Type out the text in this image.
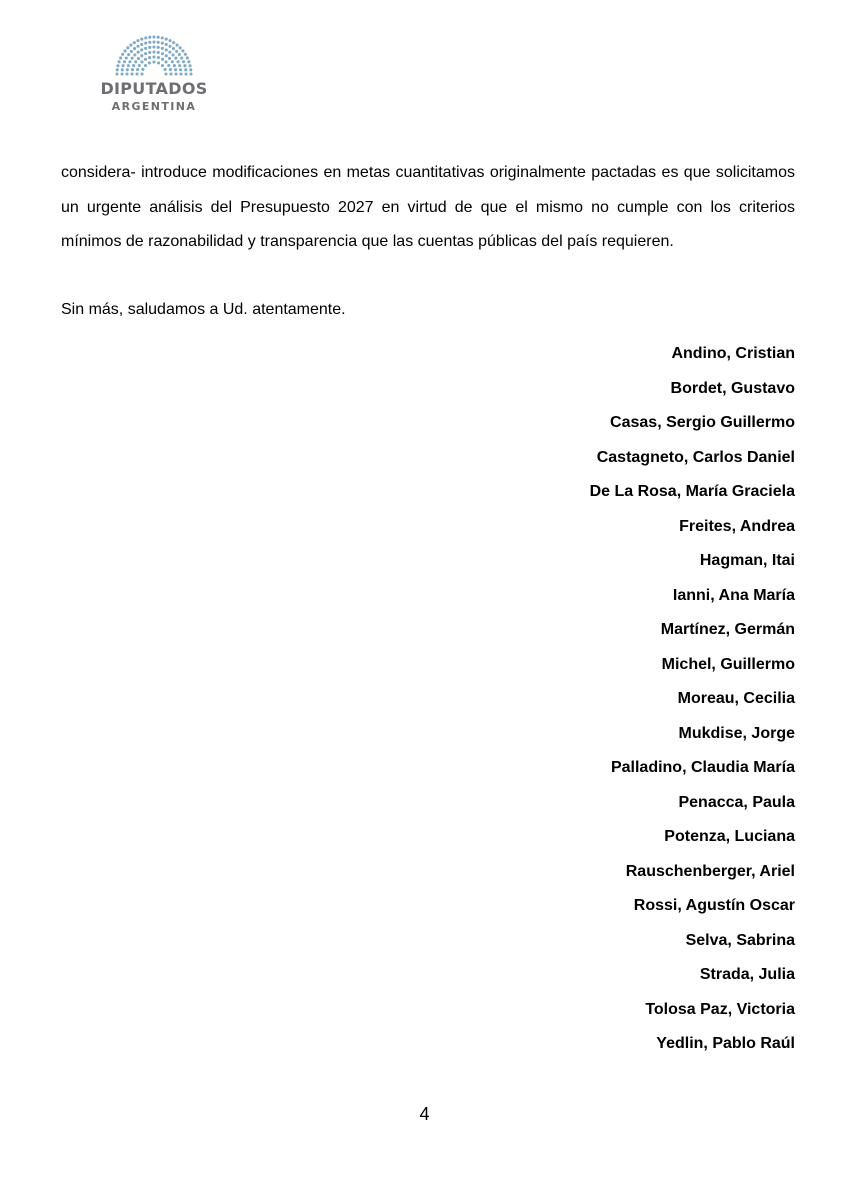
DIPUTADOS
ARGENTINA

considera- introduce modificaciones en metas cuantitativas originalmente pactadas es que solicitamos un urgente análisis del Presupuesto 2027 en virtud de que el mismo no cumple con los criterios mínimos de razonabilidad y transparencia que las cuentas públicas del país requieren.

Sin más, saludamos a Ud. atentamente.

Andino, Cristian
Bordet, Gustavo
Casas, Sergio Guillermo
Castagneto, Carlos Daniel
De La Rosa, María Graciela
Freites, Andrea
Hagman, Itai
Ianni, Ana María
Martínez, Germán
Michel, Guillermo
Moreau, Cecilia
Mukdise, Jorge
Palladino, Claudia María
Penacca, Paula
Potenza, Luciana
Rauschenberger, Ariel
Rossi, Agustín Oscar
Selva, Sabrina
Strada, Julia
Tolosa Paz, Victoria
Yedlin, Pablo Raúl
4
